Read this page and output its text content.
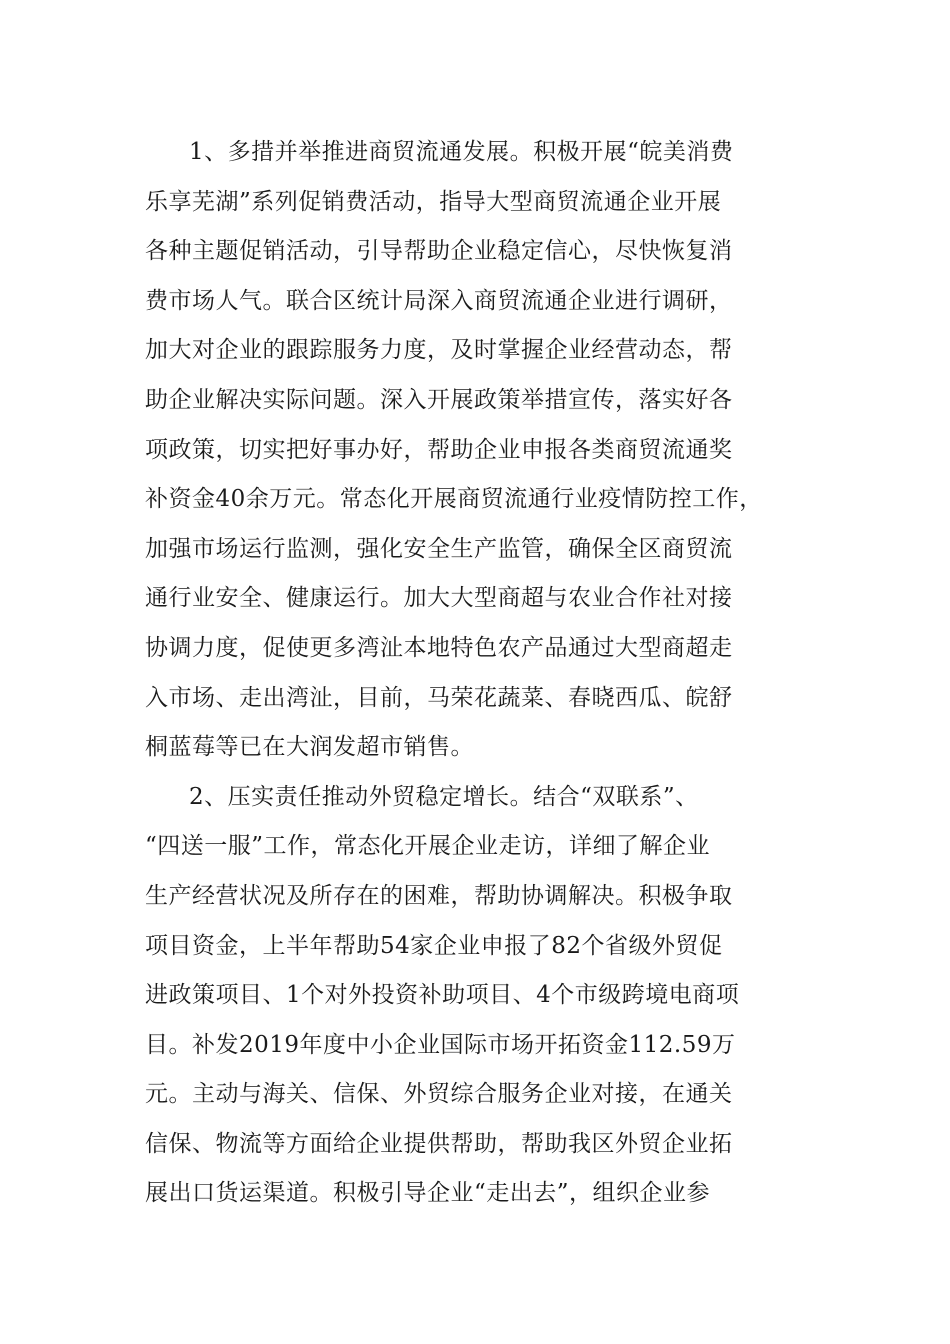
1、多措并举推进商贸流通发展。积极开展“皖美消费
乐享芜湖”系列促销费活动，指导大型商贸流通企业开展
各种主题促销活动，引导帮助企业稳定信心，尽快恢复消
费市场人气。联合区统计局深入商贸流通企业进行调研，
加大对企业的跟踪服务力度，及时掌握企业经营动态，帮
助企业解决实际问题。深入开展政策举措宣传，落实好各
项政策，切实把好事办好，帮助企业申报各类商贸流通奖
补资金40余万元。常态化开展商贸流通行业疫情防控工作，
加强市场运行监测，强化安全生产监管，确保全区商贸流
通行业安全、健康运行。加大大型商超与农业合作社对接
协调力度，促使更多湾沚本地特色农产品通过大型商超走
入市场、走出湾沚，目前，马荣花蔬菜、春晓西瓜、皖舒
桐蓝莓等已在大润发超市销售。
2、压实责任推动外贸稳定增长。结合“双联系”、
“四送一服”工作，常态化开展企业走访，详细了解企业
生产经营状况及所存在的困难，帮助协调解决。积极争取
项目资金，上半年帮助54家企业申报了82个省级外贸促
进政策项目、1个对外投资补助项目、4个市级跨境电商项
目。补发2019年度中小企业国际市场开拓资金112.59万
元。主动与海关、信保、外贸综合服务企业对接，在通关
信保、物流等方面给企业提供帮助，帮助我区外贸企业拓
展出口货运渠道。积极引导企业“走出去”，组织企业参
